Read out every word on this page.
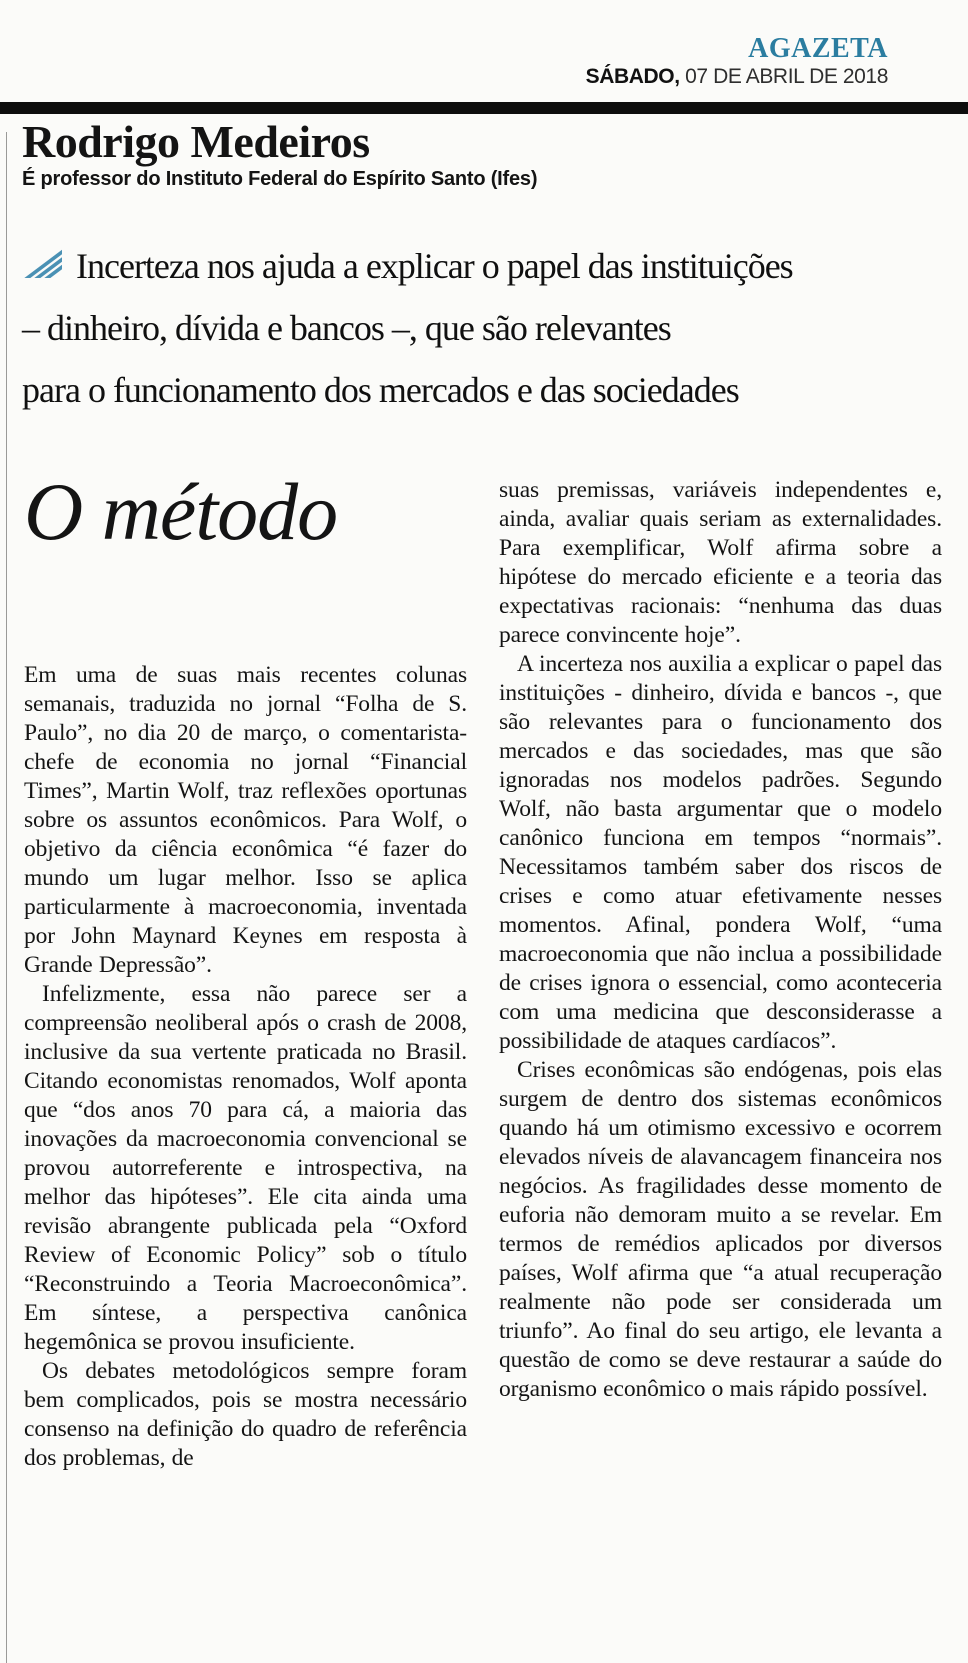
AGAZETA
SÁBADO, 07 DE ABRIL DE 2018
Rodrigo Medeiros
É professor do Instituto Federal do Espírito Santo (Ifes)
Incerteza nos ajuda a explicar o papel das instituições
– dinheiro, dívida e bancos –, que são relevantes
para o funcionamento dos mercados e das sociedades
O método

Em uma de suas mais recentes colunas semanais, traduzida no jornal “Folha de S. Paulo”, no dia 20 de março, o comentarista-chefe de economia no jornal “Financial Times”, Martin Wolf, traz reflexões oportunas sobre os assuntos econômicos. Para Wolf, o objetivo da ciência econômica “é fazer do mundo um lugar melhor. Isso se aplica particularmente à macroeconomia, inventada por John Maynard Keynes em resposta à Grande Depressão”.

Infelizmente, essa não parece ser a compreensão neoliberal após o crash de 2008, inclusive da sua vertente praticada no Brasil. Citando economistas renomados, Wolf aponta que “dos anos 70 para cá, a maioria das inovações da macroeconomia convencional se provou autorreferente e introspectiva, na melhor das hipóteses”. Ele cita ainda uma revisão abrangente publicada pela “Oxford Review of Economic Policy” sob o título “Reconstruindo a Teoria Macroeconômica”. Em síntese, a perspectiva canônica hegemônica se provou insuficiente.

Os debates metodológicos sempre foram bem complicados, pois se mostra necessário consenso na definição do quadro de referência dos problemas, de

suas premissas, variáveis independentes e, ainda, avaliar quais seriam as externalidades. Para exemplificar, Wolf afirma sobre a hipótese do mercado eficiente e a teoria das expectativas racionais: “nenhuma das duas parece convincente hoje”.

A incerteza nos auxilia a explicar o papel das instituições - dinheiro, dívida e bancos -, que são relevantes para o funcionamento dos mercados e das sociedades, mas que são ignoradas nos modelos padrões. Segundo Wolf, não basta argumentar que o modelo canônico funciona em tempos “normais”. Necessitamos também saber dos riscos de crises e como atuar efetivamente nesses momentos. Afinal, pondera Wolf, “uma macroeconomia que não inclua a possibilidade de crises ignora o essencial, como aconteceria com uma medicina que desconsiderasse a possibilidade de ataques cardíacos”.

Crises econômicas são endógenas, pois elas surgem de dentro dos sistemas econômicos quando há um otimismo excessivo e ocorrem elevados níveis de alavancagem financeira nos negócios. As fragilidades desse momento de euforia não demoram muito a se revelar. Em termos de remédios aplicados por diversos países, Wolf afirma que “a atual recuperação realmente não pode ser considerada um triunfo”. Ao final do seu artigo, ele levanta a questão de como se deve restaurar a saúde do organismo econômico o mais rápido possível.
